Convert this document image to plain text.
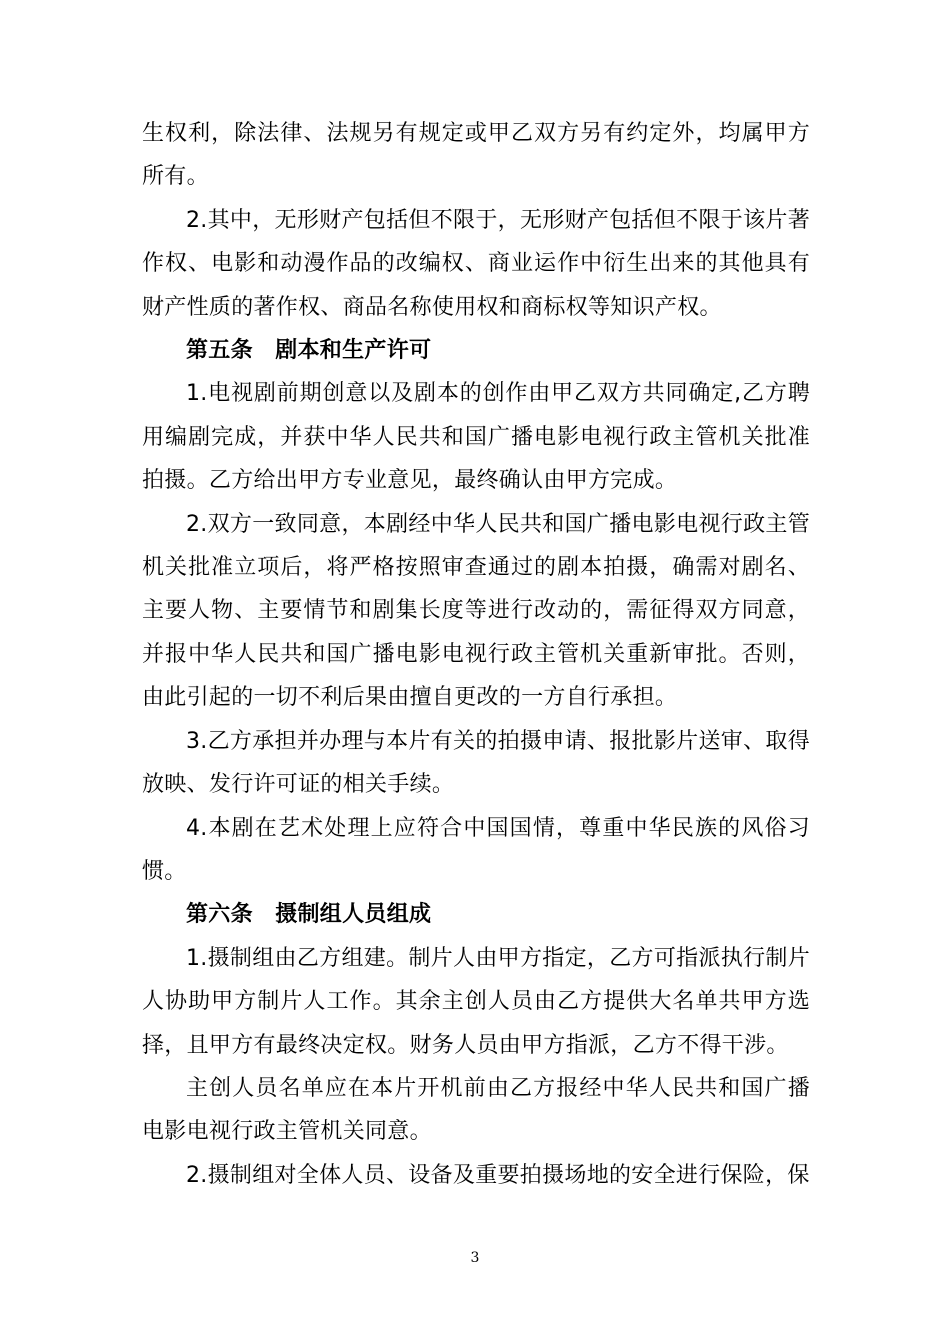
生权利，除法律、法规另有规定或甲乙双方另有约定外，均属甲方所有。

2.其中，无形财产包括但不限于，无形财产包括但不限于该片著作权、电影和动漫作品的改编权、商业运作中衍生出来的其他具有财产性质的著作权、商品名称使用权和商标权等知识产权。

第五条　剧本和生产许可

1.电视剧前期创意以及剧本的创作由甲乙双方共同确定,乙方聘用编剧完成，并获中华人民共和国广播电影电视行政主管机关批准拍摄。乙方给出甲方专业意见，最终确认由甲方完成。

2.双方一致同意，本剧经中华人民共和国广播电影电视行政主管机关批准立项后，将严格按照审查通过的剧本拍摄，确需对剧名、主要人物、主要情节和剧集长度等进行改动的，需征得双方同意，并报中华人民共和国广播电影电视行政主管机关重新审批。否则，由此引起的一切不利后果由擅自更改的一方自行承担。

3.乙方承担并办理与本片有关的拍摄申请、报批影片送审、取得放映、发行许可证的相关手续。

4.本剧在艺术处理上应符合中国国情，尊重中华民族的风俗习惯。

第六条　摄制组人员组成

1.摄制组由乙方组建。制片人由甲方指定，乙方可指派执行制片人协助甲方制片人工作。其余主创人员由乙方提供大名单共甲方选择，且甲方有最终决定权。财务人员由甲方指派，乙方不得干涉。

主创人员名单应在本片开机前由乙方报经中华人民共和国广播电影电视行政主管机关同意。

2.摄制组对全体人员、设备及重要拍摄场地的安全进行保险，保

3
